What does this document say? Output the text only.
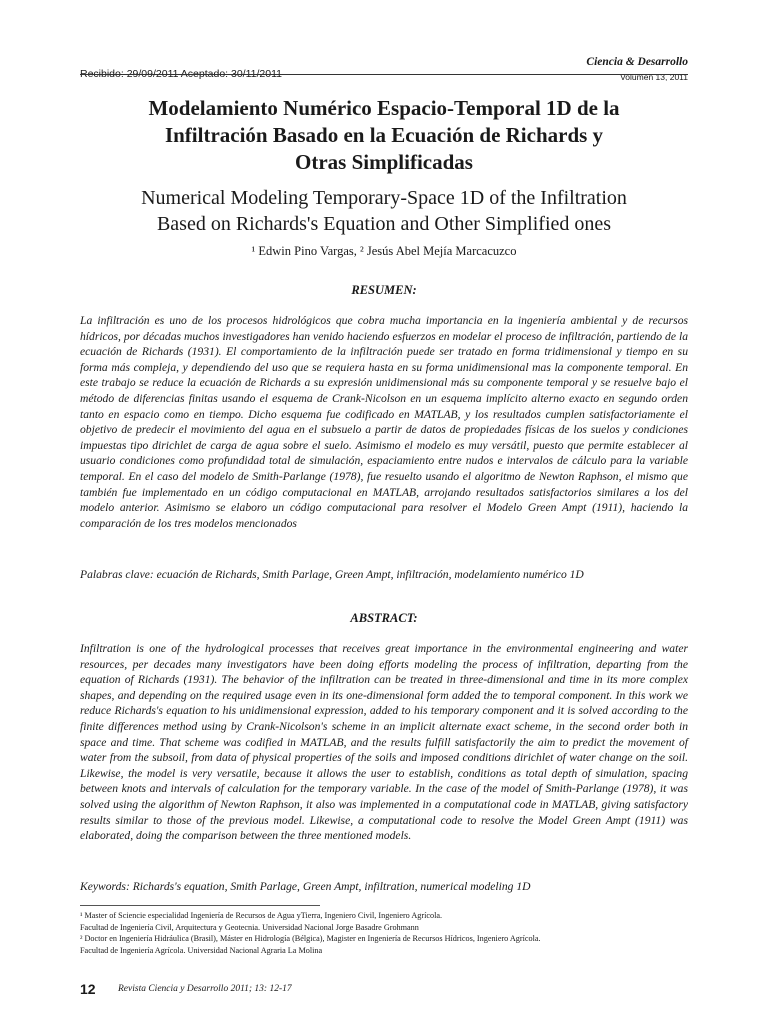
Ciencia & Desarrollo
Recibido: 29/09/2011 Aceptado: 30/11/2011	Volumen 13, 2011
Modelamiento Numérico Espacio-Temporal 1D de la
Infiltración Basado en la Ecuación de Richards y
Otras Simplificadas
Numerical Modeling Temporary-Space 1D of the Infiltration
Based on Richards's Equation and Other Simplified ones
¹ Edwin Pino Vargas, ² Jesús Abel Mejía Marcacuzco
RESUMEN:

La infiltración es uno de los procesos hidrológicos que cobra mucha importancia en la ingeniería ambiental y de recursos hídricos, por décadas muchos investigadores han venido haciendo esfuerzos en modelar el proceso de infiltración, partiendo de la ecuación de Richards (1931). El comportamiento de la infiltración puede ser tratado en forma tridimensional y tiempo en su forma más compleja, y dependiendo del uso que se requiera hasta en su forma unidimensional mas la componente temporal. En este trabajo se reduce la ecuación de Richards a su expresión unidimensional más su componente temporal y se resuelve bajo el método de diferencias finitas usando el esquema de Crank-Nicolson en un esquema implícito alterno exacto en segundo orden tanto en espacio como en tiempo. Dicho esquema fue codificado en MATLAB, y los resultados cumplen satisfactoriamente el objetivo de predecir el movimiento del agua en el subsuelo a partir de datos de propiedades físicas de los suelos y condiciones impuestas tipo dirichlet de carga de agua sobre el suelo. Asimismo el modelo es muy versátil, puesto que permite establecer al usuario condiciones como profundidad total de simulación, espaciamiento entre nudos e intervalos de cálculo para la variable temporal. En el caso del modelo de Smith-Parlange (1978), fue resuelto usando el algoritmo de Newton Raphson, el mismo que también fue implementado en un código computacional en MATLAB, arrojando resultados satisfactorios similares a los del modelo anterior. Asimismo se elaboro un código computacional para resolver el Modelo Green Ampt (1911), haciendo la comparación de los tres modelos mencionados

Palabras clave: ecuación de Richards, Smith Parlage, Green Ampt, infiltración, modelamiento numérico 1D
ABSTRACT:

Infiltration is one of the hydrological processes that receives great importance in the environmental engineering and water resources, per decades many investigators have been doing efforts modeling the process of infiltration, departing from the equation of Richards (1931). The behavior of the infiltration can be treated in three-dimensional and time in its more complex shapes, and depending on the required usage even in its one-dimensional form added the to temporal component. In this work we reduce Richards's equation to his unidimensional expression, added to his temporary component and it is solved according to the finite differences method using by Crank-Nicolson's scheme in an implicit alternate exact scheme, in the second order both in space and time. That scheme was codified in MATLAB, and the results fulfill satisfactorily the aim to predict the movement of water from the subsoil, from data of physical properties of the soils and imposed conditions dirichlet of water change on the soil. Likewise, the model is very versatile, because it allows the user to establish, conditions as total depth of simulation, spacing between knots and intervals of calculation for the temporary variable. In the case of the model of Smith-Parlange (1978), it was solved using the algorithm of Newton Raphson, it also was implemented in a computational code in MATLAB, giving satisfactory results similar to those of the previous model. Likewise, a computational code to resolve the Model Green Ampt (1911) was elaborated, doing the comparison between the three mentioned models.

Keywords: Richards's equation, Smith Parlage, Green Ampt, infiltration, numerical modeling 1D
¹ Master of Sciencie especialidad Ingeniería de Recursos de Agua yTierra, Ingeniero Civil, Ingeniero Agrícola.
Facultad de Ingeniería Civil, Arquitectura y Geotecnia. Universidad Nacional Jorge Basadre Grohmann
² Doctor en Ingeniería Hidráulica (Brasil), Máster en Hidrología (Bélgica), Magister en Ingeniería de Recursos Hídricos, Ingeniero Agrícola.
Facultad de Ingeniería Agrícola. Universidad Nacional Agraria La Molina
12 Revista Ciencia y Desarrollo 2011; 13: 12-17
